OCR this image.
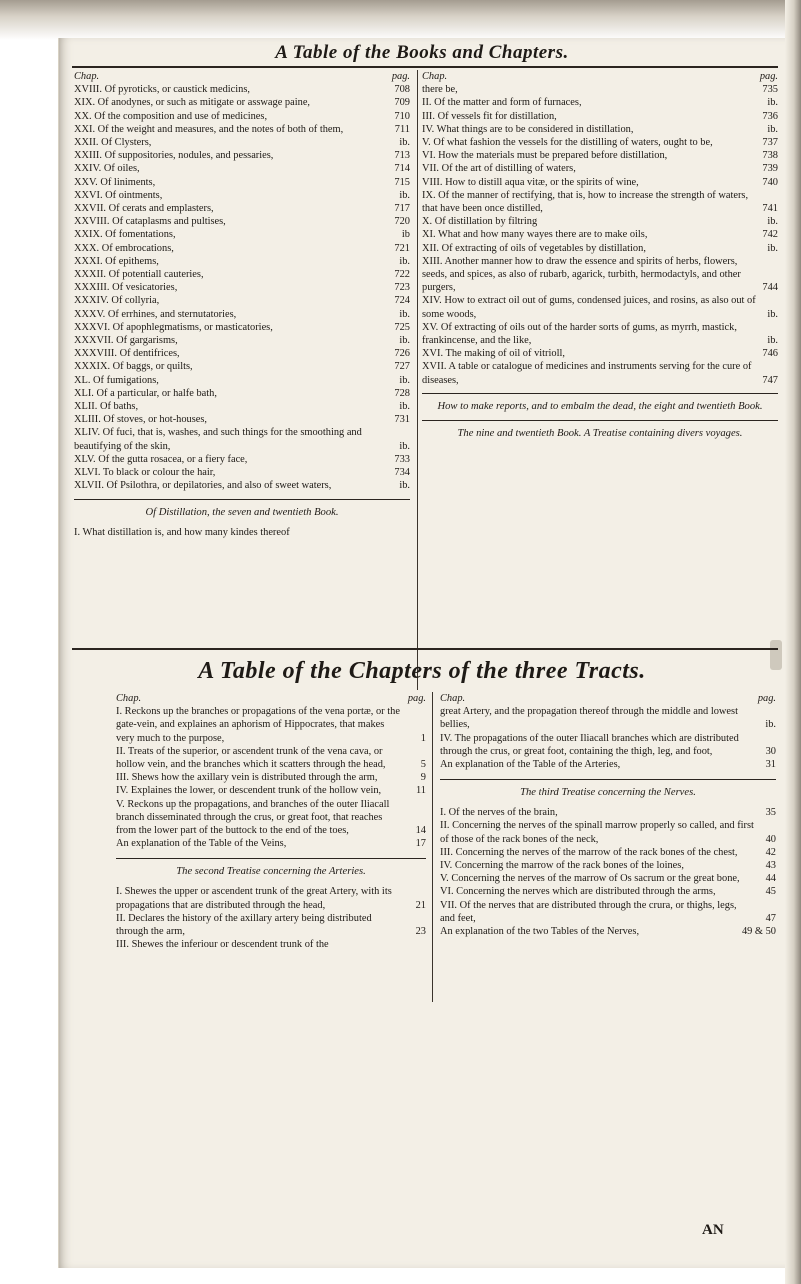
A Table of the Books and Chapters.
Chap.	pag.
XVIII. Of pyroticks, or caustick medicins,	708
XIX. Of anodynes, or such as mitigate or asswage paine,	709
XX. Of the composition and use of medicines,	710
XXI. Of the weight and measures, and the notes of both of them,	711
XXII. Of Clysters,	ib.
XXIII. Of suppositories, nodules, and pessaries,	713
XXIV. Of oiles,	714
XXV. Of liniments,	715
XXVI. Of ointments,	ib.
XXVII. Of cerats and emplasters,	717
XXVIII. Of cataplasms and pultises,	720
XXIX. Of fomentations,	ib
XXX. Of embrocations,	721
XXXI. Of epithems,	ib.
XXXII. Of potentiall cauteries,	722
XXXIII. Of vesicatories,	723
XXXIV. Of collyria,	724
XXXV. Of errhines, and sternutatories,	ib.
XXXVI. Of apophlegmatisms, or masticatories,	725
XXXVII. Of gargarisms,	ib.
XXXVIII. Of dentifrices,	726
XXXIX. Of baggs, or quilts,	727
XL. Of fumigations,	ib.
XLI. Of a particular, or halfe bath,	728
XLII. Of baths,	ib.
XLIII. Of stoves, or hot-houses,	731
XLIV. Of fuci, that is, washes, and such things for the smoothing and beautifying of the skin,	ib.
XLV. Of the gutta rosacea, or a fiery face,	733
XLVI. To black or colour the hair,	734
XLVII. Of Psilothra, or depilatories, and also of sweet waters,	ib.
Of Distillation, the seven and twentieth Book.
I. What distillation is, and how many kindes thereof
Chap.	pag.
there be,	735
II. Of the matter and form of furnaces,	ib.
III. Of vessels fit for distillation,	736
IV. What things are to be considered in distillation,	ib.
V. Of what fashion the vessels for the distilling of waters, ought to be,	737
VI. How the materials must be prepared before distillation,	738
VII. Of the art of distilling of waters,	739
VIII. How to distill aqua vitæ, or the spirits of wine,	740
IX. Of the manner of rectifying, that is, how to increase the strength of waters, that have been once distilled,	741
X. Of distillation by filtring	ib.
XI. What and how many wayes there are to make oils,	742
XII. Of extracting of oils of vegetables by distillation,	ib.
XIII. Another manner how to draw the essence and spirits of herbs, flowers, seeds, and spices, as also of rubarb, agarick, turbith, hermodactyls, and other purgers,	744
XIV. How to extract oil out of gums, condensed juices, and rosins, as also out of some woods,	ib.
XV. Of extracting of oils out of the harder sorts of gums, as myrrh, mastick, frankincense, and the like,	ib.
XVI. The making of oil of vitrioll,	746
XVII. A table or catalogue of medicines and instruments serving for the cure of diseases,	747
How to make reports, and to embalm the dead, the eight and twentieth Book.
The nine and twentieth Book. A Treatise containing divers voyages.
A Table of the Chapters of the three Tracts.
Chap.	pag.
I. Reckons up the branches or propagations of the vena portæ, or the gate-vein, and explaines an aphorism of Hippocrates, that makes very much to the purpose,	1
II. Treats of the superior, or ascendent trunk of the vena cava, or hollow vein, and the branches which it scatters through the head,	5
III. Shews how the axillary vein is distributed through the arm,	9
IV. Explaines the lower, or descendent trunk of the hollow vein,	11
V. Reckons up the propagations, and branches of the outer Iliacall branch disseminated through the crus, or great foot, that reaches from the lower part of the buttock to the end of the toes,	14
An explanation of the Table of the Veins,	17
The second Treatise concerning the Arteries.
I. Shewes the upper or ascendent trunk of the great Artery, with its propagations that are distributed through the head,	21
II. Declares the history of the axillary artery being distributed through the arm,	23
III. Shewes the inferiour or descendent trunk of the
Chap.	pag.
great Artery, and the propagation thereof through the middle and lowest bellies,	ib.
IV. The propagations of the outer Iliacall branches which are distributed through the crus, or great foot, containing the thigh, leg, and foot,	30
An explanation of the Table of the Arteries,	31
The third Treatise concerning the Nerves.
I. Of the nerves of the brain,	35
II. Concerning the nerves of the spinall marrow properly so called, and first of those of the rack bones of the neck,	40
III. Concerning the nerves of the marrow of the rack bones of the chest,	42
IV. Concerning the marrow of the rack bones of the loines,	43
V. Concerning the nerves of the marrow of Os sacrum or the great bone,	44
VI. Concerning the nerves which are distributed through the arms,	45
VII. Of the nerves that are distributed through the crura, or thighs, legs, and feet,	47
An explanation of the two Tables of the Nerves,	49 & 50
AN
